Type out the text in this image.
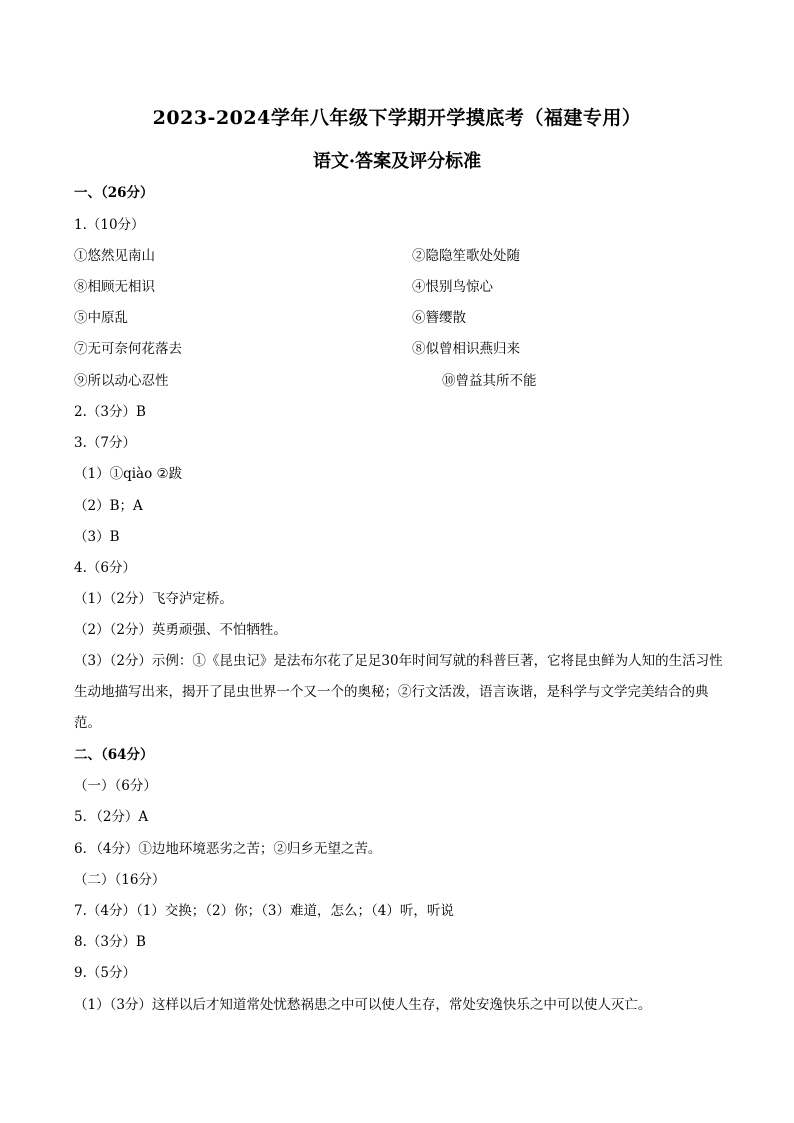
2023-2024学年八年级下学期开学摸底考（福建专用）
语文·答案及评分标准
一、（26分）
1.（10分）
①悠然见南山	②隐隐笙歌处处随
⑧相顾无相识	④恨别鸟惊心
⑤中原乱	⑥簪缨散
⑦无可奈何花落去	⑧似曾相识燕归来
⑨所以动心忍性	⑩曾益其所不能
2.（3分）B
3.（7分）
（1）①qiào ②跋
（2）B；A
（3）B
4.（6分）
（1）（2分）飞夺泸定桥。
（2）（2分）英勇顽强、不怕牺牲。
（3）（2分）示例：①《昆虫记》是法布尔花了足足30年时间写就的科普巨著，它将昆虫鲜为人知的生活习性生动地描写出来，揭开了昆虫世界一个又一个的奥秘；②行文活泼，语言诙谐，是科学与文学完美结合的典范。
二、（64分）
（一）（6分）
5．（2分）A
6．（4分）①边地环境恶劣之苦；②归乡无望之苦。
（二）（16分）
7.（4分）（1）交换；（2）你；（3）难道，怎么；（4）听，听说
8.（3分）B
9.（5分）
（1）（3分）这样以后才知道常处忧愁祸患之中可以使人生存，常处安逸快乐之中可以使人灭亡。
